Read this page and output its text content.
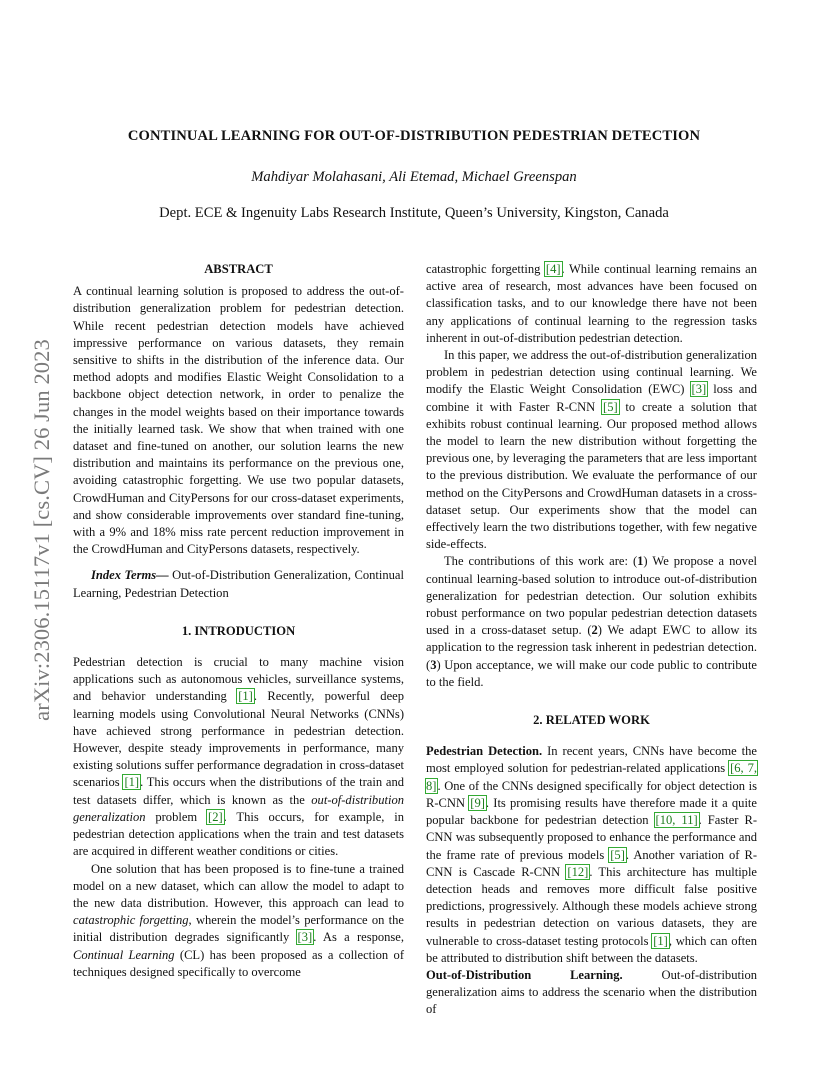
arXiv:2306.15117v1 [cs.CV] 26 Jun 2023
CONTINUAL LEARNING FOR OUT-OF-DISTRIBUTION PEDESTRIAN DETECTION
Mahdiyar Molahasani, Ali Etemad, Michael Greenspan
Dept. ECE & Ingenuity Labs Research Institute, Queen’s University, Kingston, Canada

ABSTRACT

A continual learning solution is proposed to address the out-of-distribution generalization problem for pedestrian detection. While recent pedestrian detection models have achieved impressive performance on various datasets, they remain sensitive to shifts in the distribution of the inference data. Our method adopts and modifies Elastic Weight Consolidation to a backbone object detection network, in order to penalize the changes in the model weights based on their importance towards the initially learned task. We show that when trained with one dataset and fine-tuned on another, our solution learns the new distribution and maintains its performance on the previous one, avoiding catastrophic forgetting. We use two popular datasets, CrowdHuman and CityPersons for our cross-dataset experiments, and show considerable improvements over standard fine-tuning, with a 9% and 18% miss rate percent reduction improvement in the CrowdHuman and CityPersons datasets, respectively.

Index Terms— Out-of-Distribution Generalization, Continual Learning, Pedestrian Detection

1. INTRODUCTION

Pedestrian detection is crucial to many machine vision applications such as autonomous vehicles, surveillance systems, and behavior understanding [1]. Recently, powerful deep learning models using Convolutional Neural Networks (CNNs) have achieved strong performance in pedestrian detection. However, despite steady improvements in performance, many existing solutions suffer performance degradation in cross-dataset scenarios [1]. This occurs when the distributions of the train and test datasets differ, which is known as the out-of-distribution generalization problem [2]. This occurs, for example, in pedestrian detection applications when the train and test datasets are acquired in different weather conditions or cities.

One solution that has been proposed is to fine-tune a trained model on a new dataset, which can allow the model to adapt to the new data distribution. However, this approach can lead to catastrophic forgetting, wherein the model’s performance on the initial distribution degrades significantly [3]. As a response, Continual Learning (CL) has been proposed as a collection of techniques designed specifically to overcome

catastrophic forgetting [4]. While continual learning remains an active area of research, most advances have been focused on classification tasks, and to our knowledge there have not been any applications of continual learning to the regression tasks inherent in out-of-distribution pedestrian detection.

In this paper, we address the out-of-distribution generalization problem in pedestrian detection using continual learning. We modify the Elastic Weight Consolidation (EWC) [3] loss and combine it with Faster R-CNN [5] to create a solution that exhibits robust continual learning. Our proposed method allows the model to learn the new distribution without forgetting the previous one, by leveraging the parameters that are less important to the previous distribution. We evaluate the performance of our method on the CityPersons and CrowdHuman datasets in a cross-dataset setup. Our experiments show that the model can effectively learn the two distributions together, with few negative side-effects.

The contributions of this work are: (1) We propose a novel continual learning-based solution to introduce out-of-distribution generalization for pedestrian detection. Our solution exhibits robust performance on two popular pedestrian detection datasets used in a cross-dataset setup. (2) We adapt EWC to allow its application to the regression task inherent in pedestrian detection. (3) Upon acceptance, we will make our code public to contribute to the field.

2. RELATED WORK

Pedestrian Detection. In recent years, CNNs have become the most employed solution for pedestrian-related applications [6, 7, 8]. One of the CNNs designed specifically for object detection is R-CNN [9]. Its promising results have therefore made it a quite popular backbone for pedestrian detection [10, 11]. Faster R-CNN was subsequently proposed to enhance the performance and the frame rate of previous models [5]. Another variation of R-CNN is Cascade R-CNN [12]. This architecture has multiple detection heads and removes more difficult false positive predictions, progressively. Although these models achieve strong results in pedestrian detection on various datasets, they are vulnerable to cross-dataset testing protocols [1], which can often be attributed to distribution shift between the datasets.

Out-of-Distribution Learning. Out-of-distribution generalization aims to address the scenario when the distribution of
